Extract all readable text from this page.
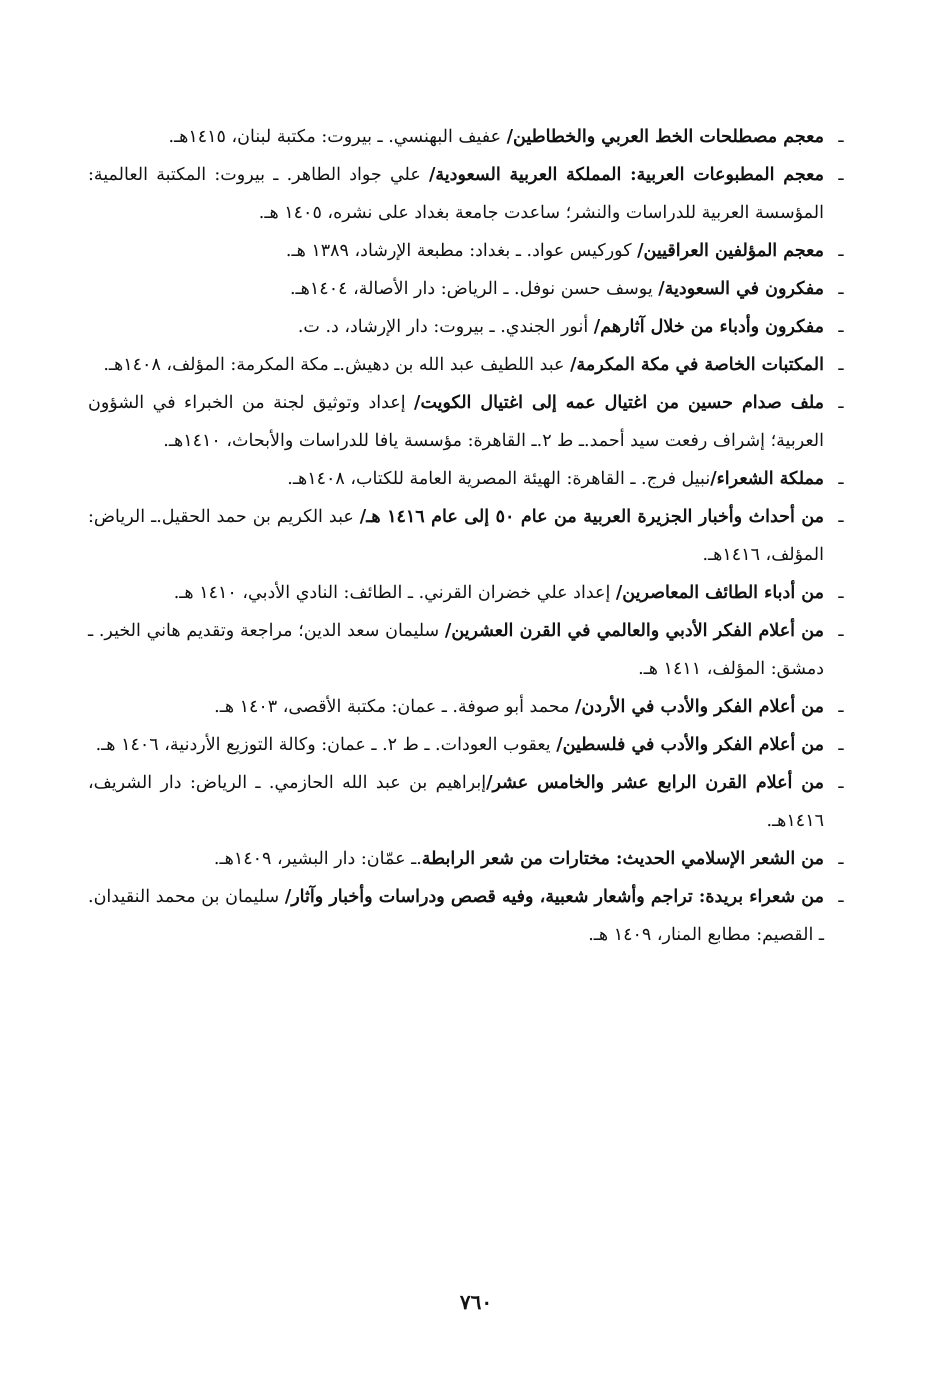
ـ
معجم مصطلحات الخط العربي والخطاطين/ عفيف البهنسي. ـ بيروت: مكتبة لبنان، ١٤١٥هـ.
ـ
معجم المطبوعات العربية: المملكة العربية السعودية/ علي جواد الطاهر. ـ بيروت: المكتبة العالمية: المؤسسة العربية للدراسات والنشر؛ ساعدت جامعة بغداد على نشره، ١٤٠٥ هـ.
ـ
معجم المؤلفين العراقيين/ كوركيس عواد. ـ بغداد: مطبعة الإرشاد، ١٣٨٩ هـ.
ـ
مفكرون في السعودية/ يوسف حسن نوفل. ـ الرياض: دار الأصالة، ١٤٠٤هـ.
ـ
مفكرون وأدباء من خلال آثارهم/ أنور الجندي. ـ بيروت: دار الإرشاد، د. ت.
ـ
المكتبات الخاصة في مكة المكرمة/ عبد اللطيف عبد الله بن دهيش.ـ مكة المكرمة: المؤلف، ١٤٠٨هـ.
ـ
ملف صدام حسين من اغتيال عمه إلى اغتيال الكويت/ إعداد وتوثيق لجنة من الخبراء في الشؤون العربية؛ إشراف رفعت سيد أحمد.ـ ط ٢.ـ القاهرة: مؤسسة يافا للدراسات والأبحاث، ١٤١٠هـ.
ـ
مملكة الشعراء/نبيل فرج. ـ القاهرة: الهيئة المصرية العامة للكتاب، ١٤٠٨هـ.
ـ
من أحداث وأخبار الجزيرة العربية من عام ٥٠ إلى عام ١٤١٦ هـ/ عبد الكريم بن حمد الحقيل.ـ الرياض: المؤلف، ١٤١٦هـ.
ـ
من أدباء الطائف المعاصرين/ إعداد علي خضران القرني. ـ الطائف: النادي الأدبي، ١٤١٠ هـ.
ـ
من أعلام الفكر الأدبي والعالمي في القرن العشرين/ سليمان سعد الدين؛ مراجعة وتقديم هاني الخير. ـ دمشق: المؤلف، ١٤١١ هـ.
ـ
من أعلام الفكر والأدب في الأردن/ محمد أبو صوفة. ـ عمان: مكتبة الأقصى، ١٤٠٣ هـ.
ـ
من أعلام الفكر والأدب في فلسطين/ يعقوب العودات. ـ ط ٢. ـ عمان: وكالة التوزيع الأردنية، ١٤٠٦ هـ.
ـ
من أعلام القرن الرابع عشر والخامس عشر/إبراهيم بن عبد الله الحازمي. ـ الرياض: دار الشريف، ١٤١٦هـ.
ـ
من الشعر الإسلامي الحديث: مختارات من شعر الرابطة.ـ عمّان: دار البشير، ١٤٠٩هـ.
ـ
من شعراء بريدة: تراجم وأشعار شعبية، وفيه قصص ودراسات وأخبار وآثار/ سليمان بن محمد النقيدان. ـ القصيم: مطابع المنار، ١٤٠٩ هـ.
٧٦٠
